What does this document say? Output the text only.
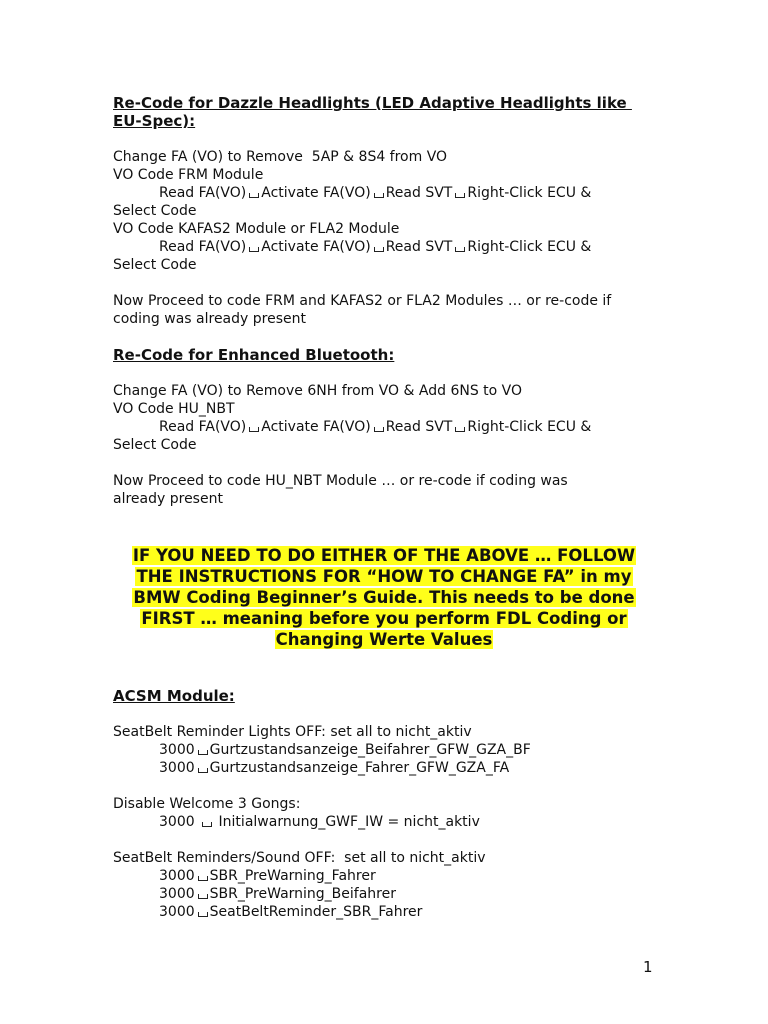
Re-Code for Dazzle Headlights (LED Adaptive Headlights like

EU-Spec):

Change FA (VO) to Remove  5AP & 8S4 from VO

VO Code FRM Module

Read FA(VO) Activate FA(VO) Read SVT Right-Click ECU &

Select Code

VO Code KAFAS2 Module or FLA2 Module

Read FA(VO) Activate FA(VO) Read SVT Right-Click ECU &

Select Code

Now Proceed to code FRM and KAFAS2 or FLA2 Modules … or re-code if

coding was already present

Re-Code for Enhanced Bluetooth:

Change FA (VO) to Remove 6NH from VO & Add 6NS to VO

VO Code HU_NBT

Read FA(VO) Activate FA(VO) Read SVT Right-Click ECU &

Select Code

Now Proceed to code HU_NBT Module … or re-code if coding was

already present

IF YOU NEED TO DO EITHER OF THE ABOVE … FOLLOW
THE INSTRUCTIONS FOR “HOW TO CHANGE FA” in my
BMW Coding Beginner’s Guide. This needs to be done
FIRST … meaning before you perform FDL Coding or
Changing Werte Values

ACSM Module:

SeatBelt Reminder Lights OFF: set all to nicht_aktiv

3000 Gurtzustandsanzeige_Beifahrer_GFW_GZA_BF

3000 Gurtzustandsanzeige_Fahrer_GFW_GZA_FA

Disable Welcome 3 Gongs:

3000  Initialwarnung_GWF_IW = nicht_aktiv

SeatBelt Reminders/Sound OFF:  set all to nicht_aktiv

3000 SBR_PreWarning_Fahrer

3000 SBR_PreWarning_Beifahrer

3000 SeatBeltReminder_SBR_Fahrer

1
